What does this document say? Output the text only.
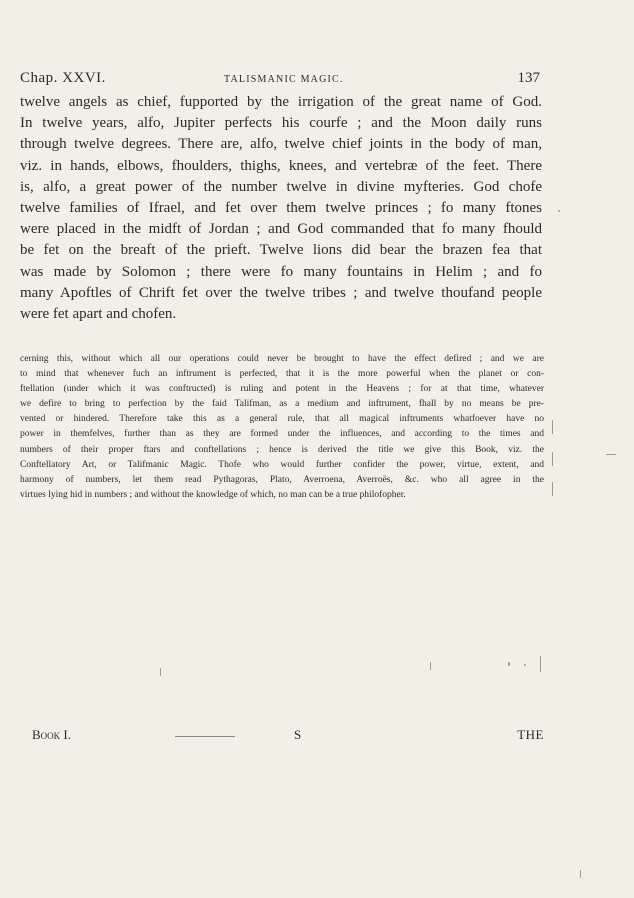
Chap. XXVI.	TALISMANIC MAGIC.	137
twelve angels as chief, fupported by the irrigation of the great name of God.
In twelve years, alfo, Jupiter perfects his courfe ; and the Moon daily runs
through twelve degrees. There are, alfo, twelve chief joints in the body of man,
viz. in hands, elbows, fhoulders, thighs, knees, and vertebræ of the feet. There
is, alfo, a great power of the number twelve in divine myfteries. God chofe
twelve families of Ifrael, and fet over them twelve princes ; fo many ftones
were placed in the midft of Jordan ; and God commanded that fo many fhould
be fet on the breaft of the prieft. Twelve lions did bear the brazen fea that
was made by Solomon ; there were fo many fountains in Helim ; and fo
many Apoftles of Chrift fet over the twelve tribes ; and twelve thoufand people
were fet apart and chofen.
cerning this, without which all our operations could never be brought to have the effect defired ; and we are
to mind that whenever fuch an inftrument is perfected, that it is the more powerful when the planet or con-
ftellation (under which it was conftructed) is ruling and potent in the Heavens ; for at that time, whatever
we defire to bring to perfection by the faid Talifman, as a medium and inftrument, fhall by no means be pre-
vented or hindered. Therefore take this as a general rule, that all magical inftruments whatfoever have no
power in themfelves, further than as they are formed under the influences, and according to the times and
numbers of their proper ftars and conftellations ; hence is derived the title we give this Book, viz. the
Conftellatory Art, or Talifmanic Magic. Thofe who would further confider the power, virtue, extent, and
harmony of numbers, let them read Pythagoras, Plato, Averroena, Averroës, &c. who all agree in the
virtues lying hid in numbers ; and without the knowledge of which, no man can be a true philofopher.
Book I.	S	THE
